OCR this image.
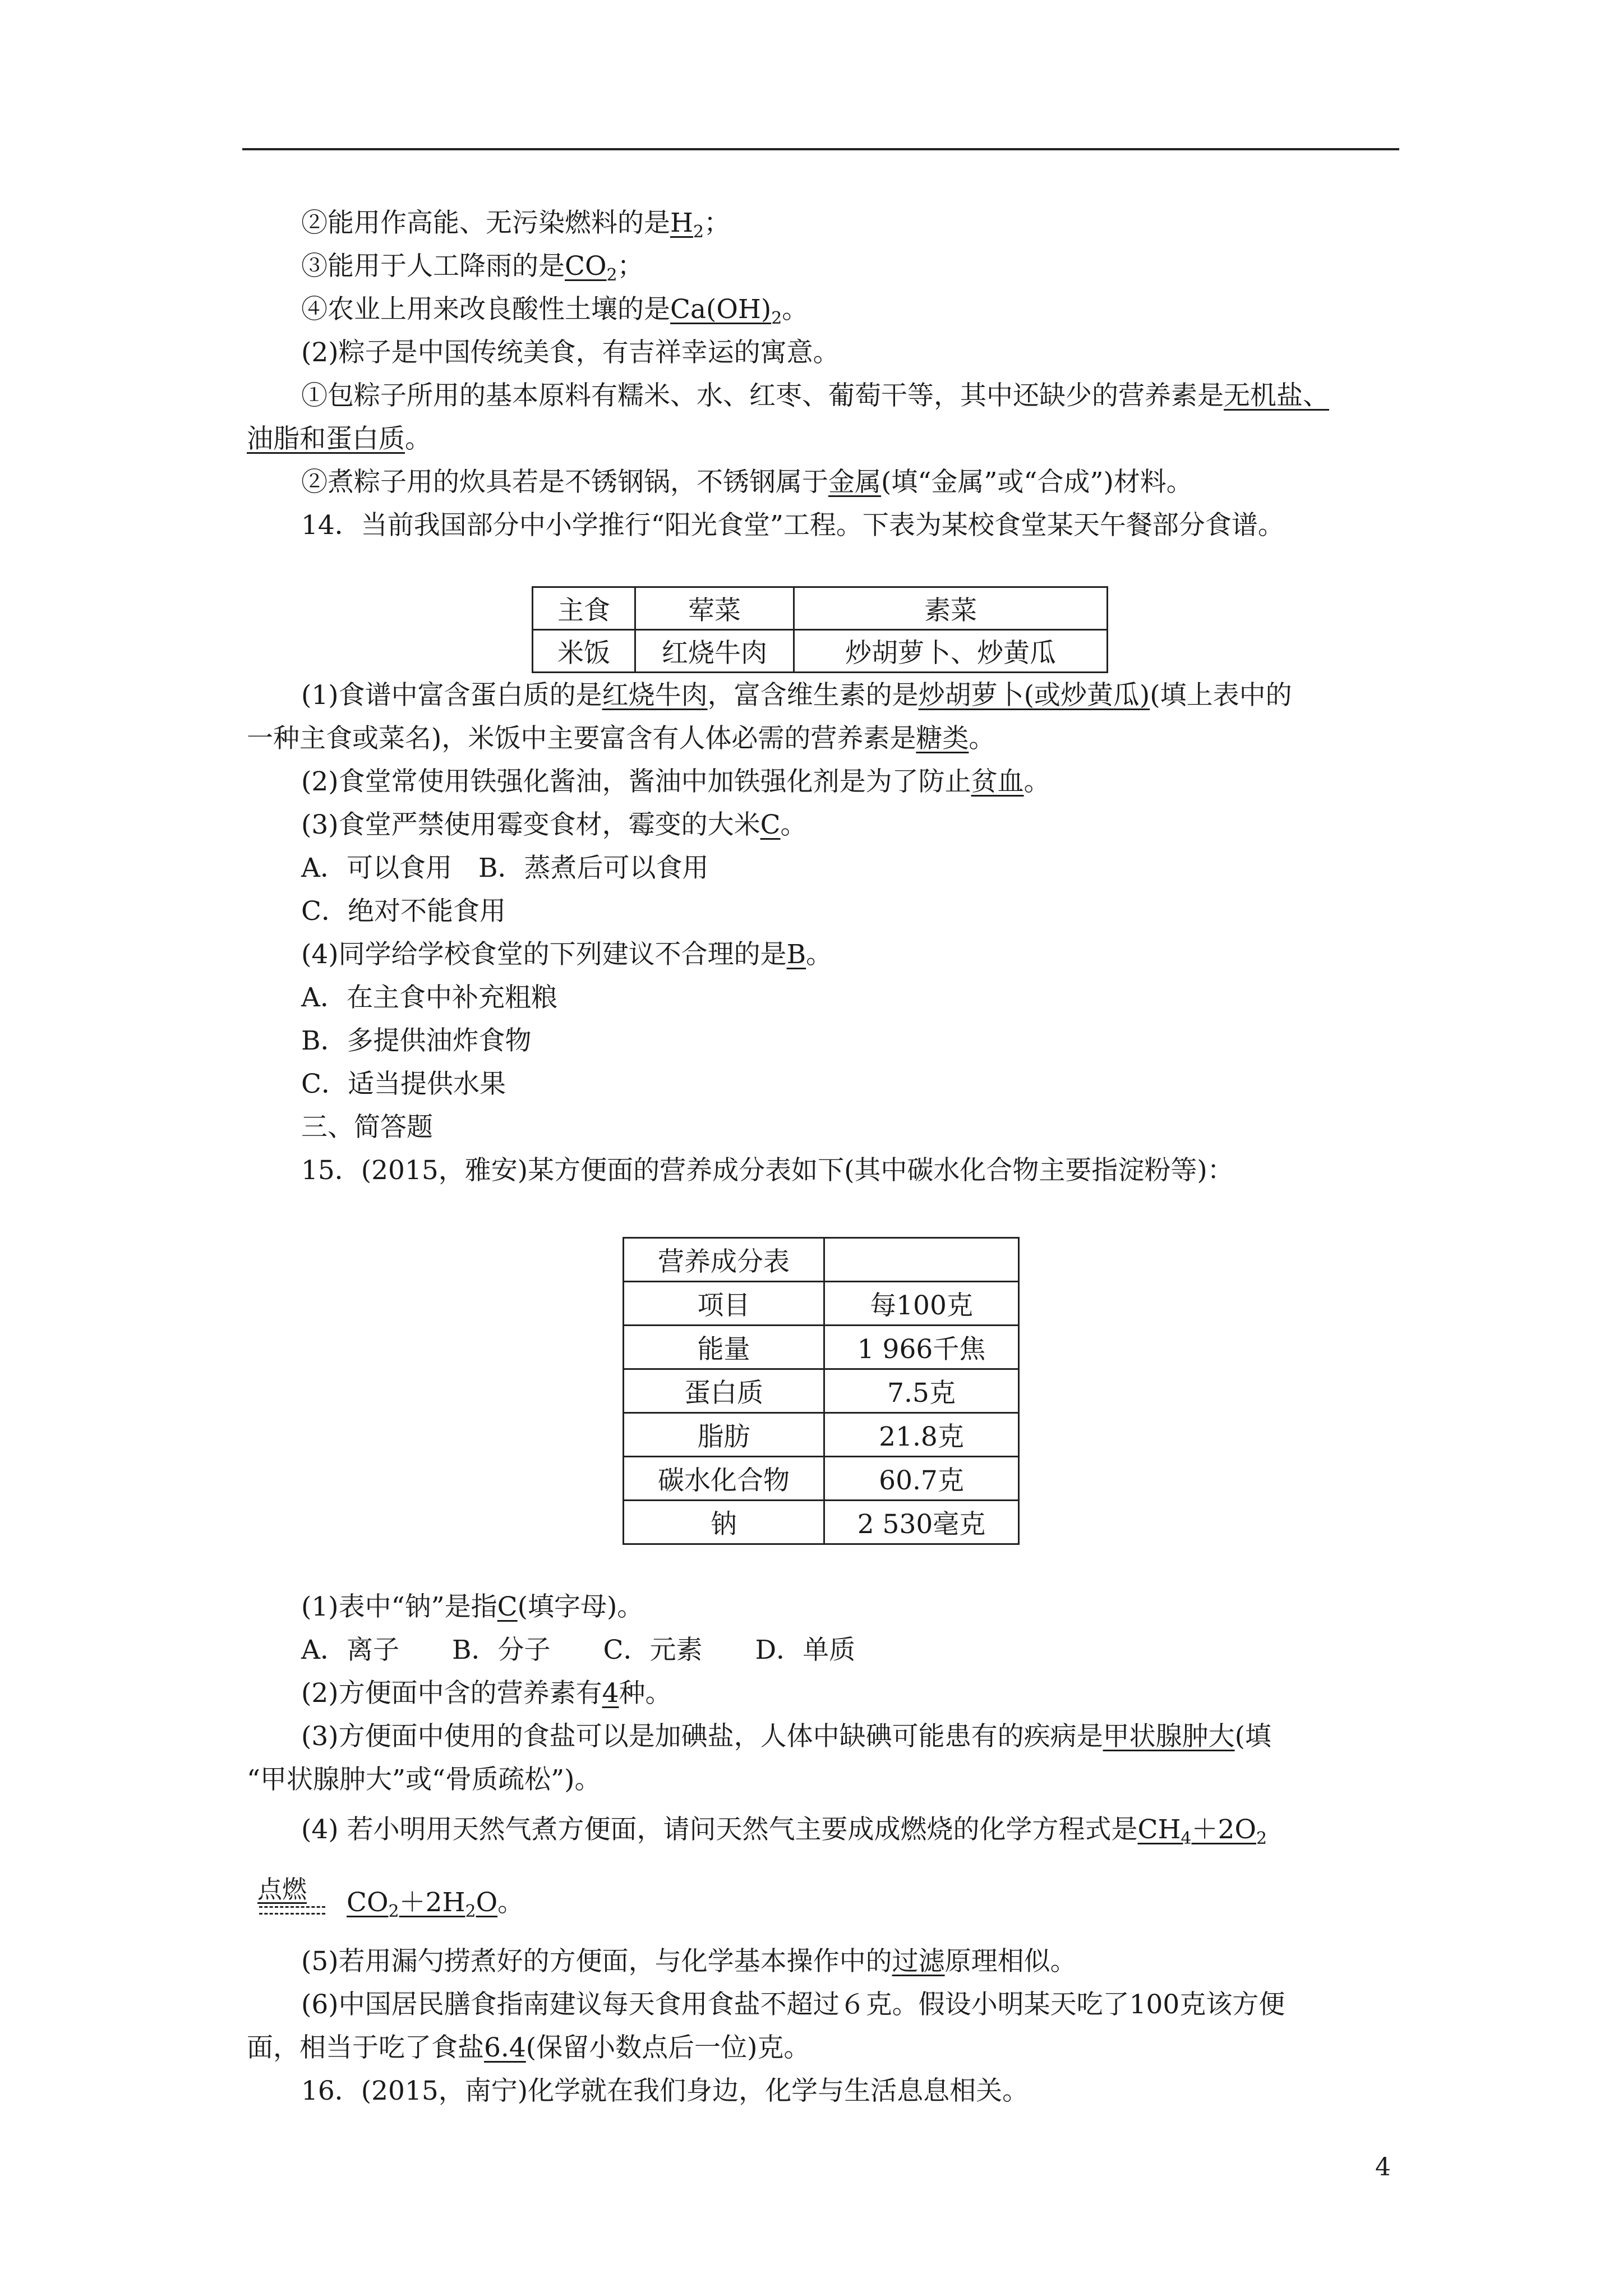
②能用作高能、无污染燃料的是$H_2$；
③能用于人工降雨的是$CO_2$；
④农业上用来改良酸性土壤的是$Ca(OH)_2$。
(2)粽子是中国传统美食，有吉祥幸运的寓意。
①包粽子所用的基本原料有糯米、水、红枣、葡萄干等，其中还缺少的营养素是无机盐、
油脂和蛋白质。
②煮粽子用的炊具若是不锈钢锅，不锈钢属于金属(填“金属”或“合成”)材料。
14．当前我国部分中小学推行“阳光食堂”工程。下表为某校食堂某天午餐部分食谱。
主食	荤菜	素菜
米饭	红烧牛肉	炒胡萝卜、炒黄瓜
(1)食谱中富含蛋白质的是红烧牛肉，富含维生素的是炒胡萝卜(或炒黄瓜)(填上表中的
一种主食或菜名)，米饭中主要富含有人体必需的营养素是糖类。
(2)食堂常使用铁强化酱油，酱油中加铁强化剂是为了防止贫血。
(3)食堂严禁使用霉变食材，霉变的大米C。
A．可以食用　B．蒸煮后可以食用
C．绝对不能食用
(4)同学给学校食堂的下列建议不合理的是B。
A．在主食中补充粗粮
B．多提供油炸食物
C．适当提供水果
三、简答题
15．(2015，雅安)某方便面的营养成分表如下(其中碳水化合物主要指淀粉等)：
营养成分表	
项目	每100克
能量	1 966千焦
蛋白质	7.5克
脂肪	21.8克
碳水化合物	60.7克
钠	2 530毫克
(1)表中“钠”是指C(填字母)。
A．离子　　B．分子　　C．元素　　D．单质
(2)方便面中含的营养素有4种。
(3)方便面中使用的食盐可以是加碘盐，人体中缺碘可能患有的疾病是甲状腺肿大(填
“甲状腺肿大”或“骨质疏松”)。
(4) 若小明用天然气煮方便面，请问天然气主要成成燃烧的化学方程式是$CH_4+2O_2$
点燃 $CO_2+2H_2O$。
(5)若用漏勺捞煮好的方便面，与化学基本操作中的过滤原理相似。
(6)中国居民膳食指南建议每天食用食盐不超过６克。假设小明某天吃了100克该方便
面，相当于吃了食盐6.4(保留小数点后一位)克。
16．(2015，南宁)化学就在我们身边，化学与生活息息相关。
4
